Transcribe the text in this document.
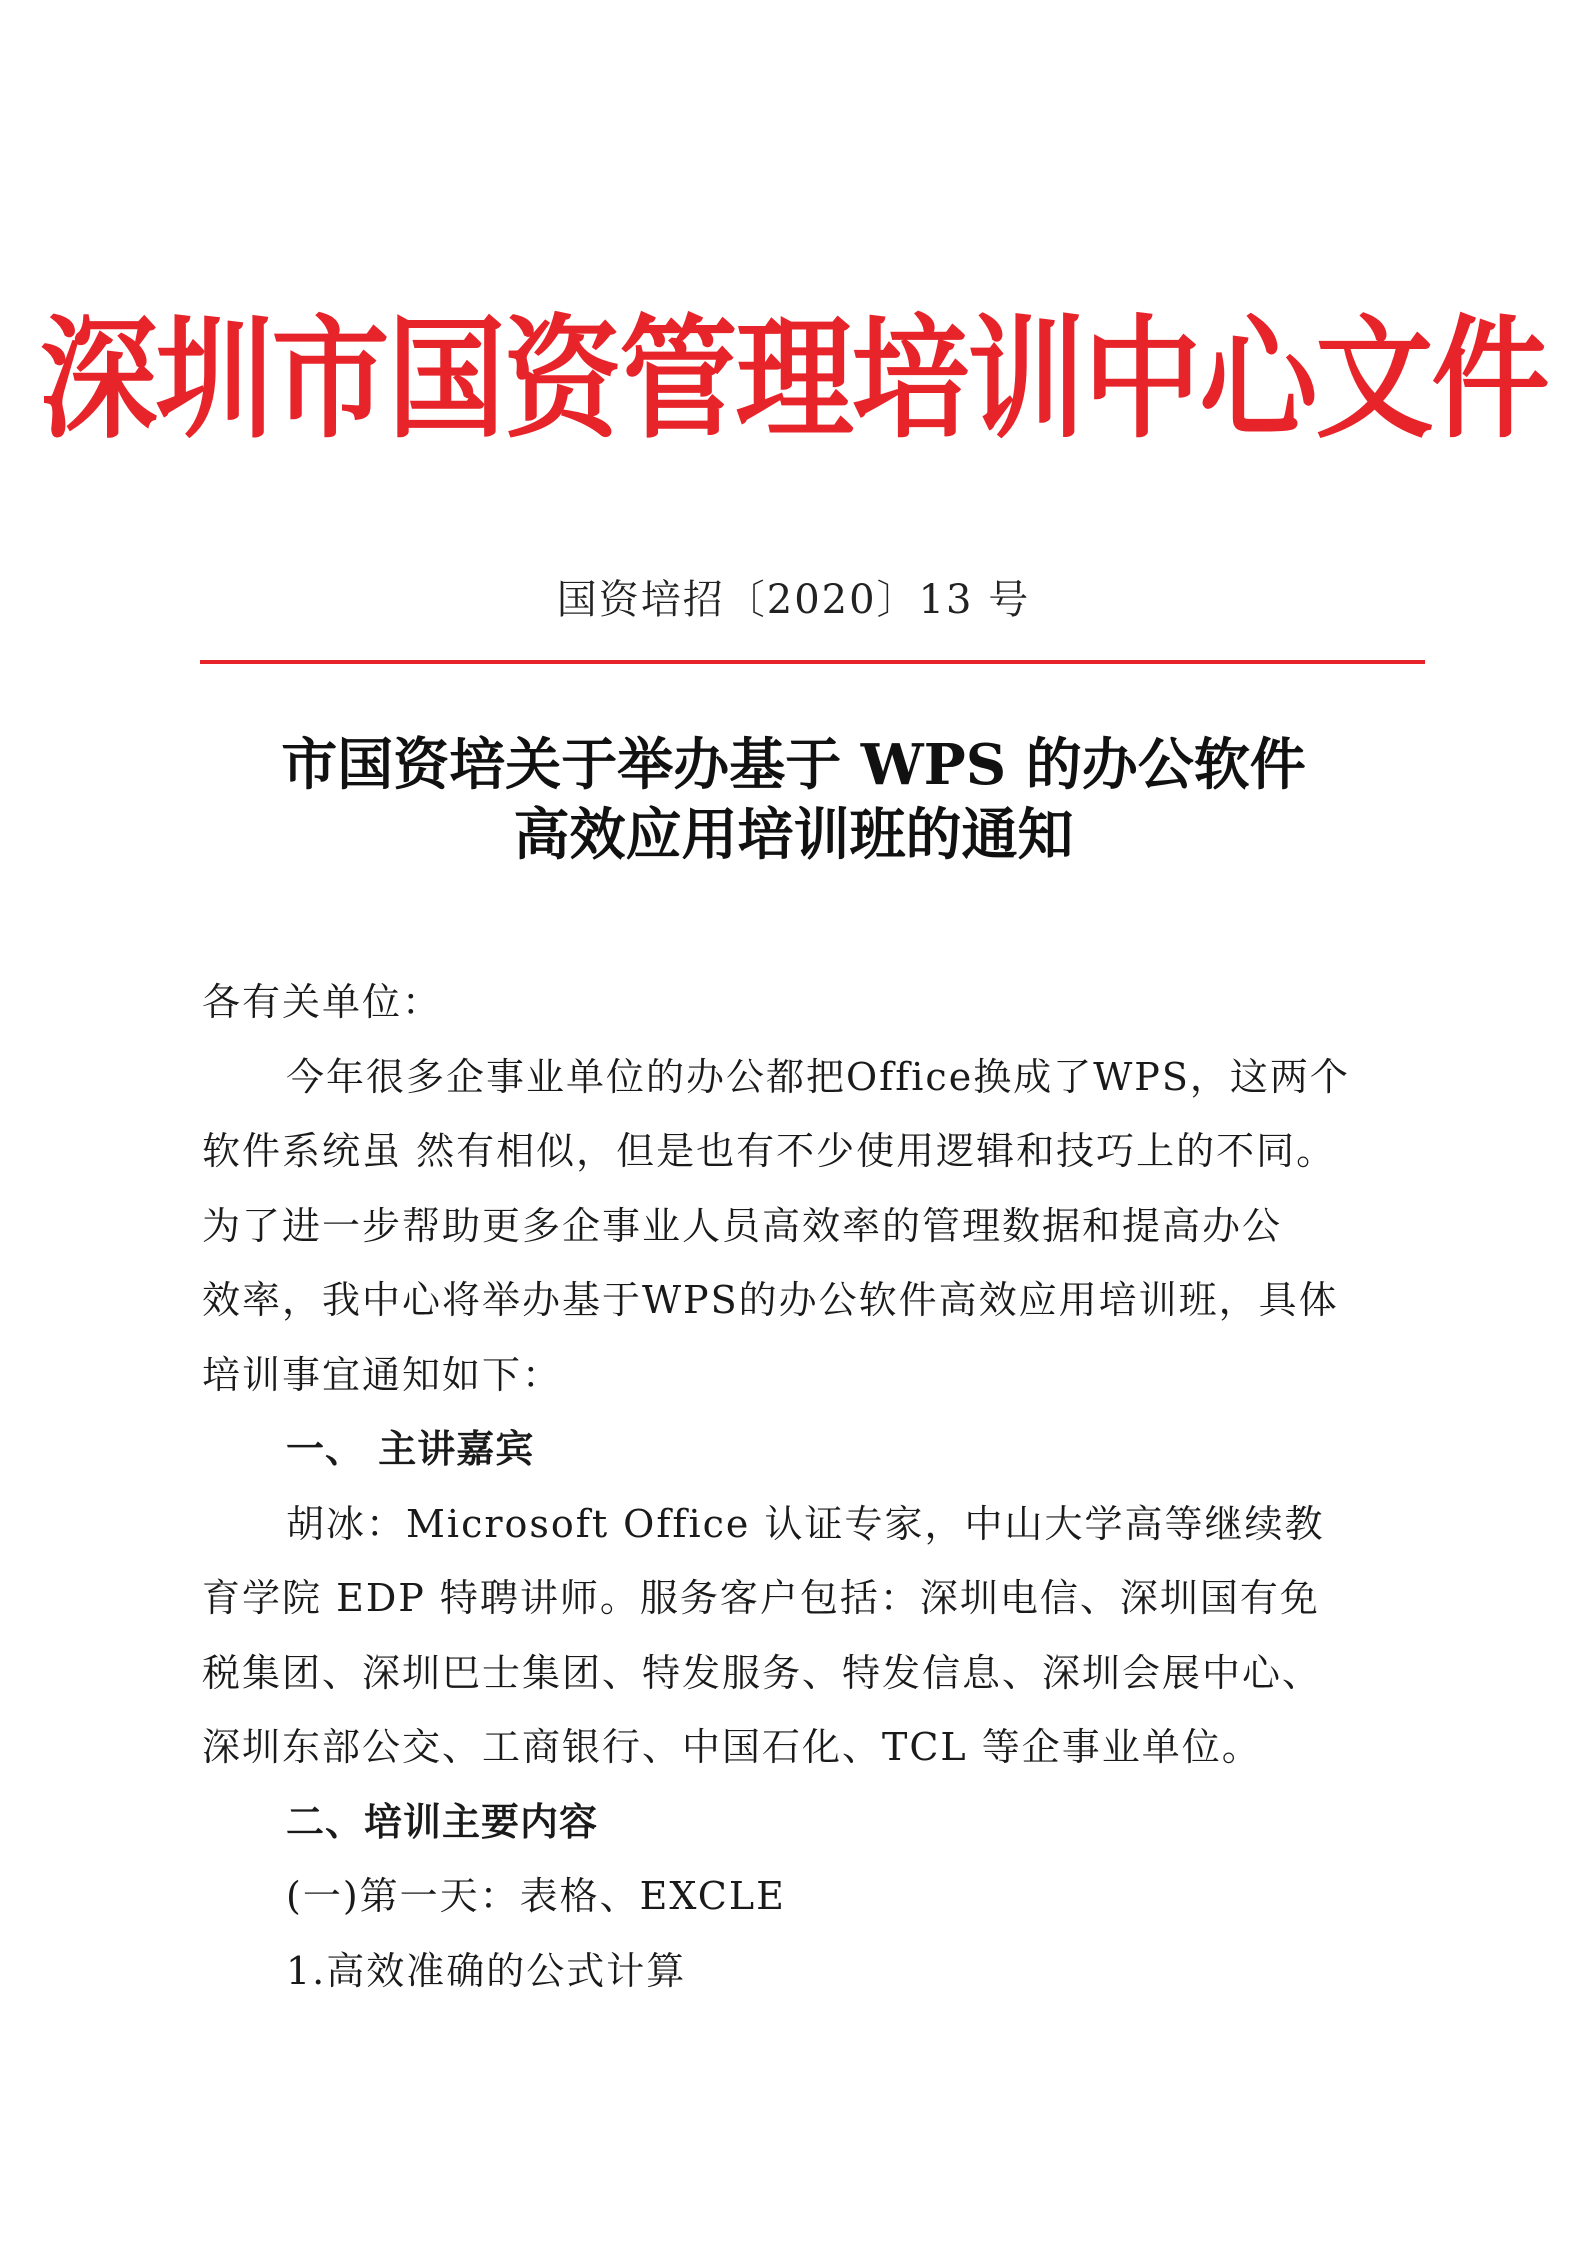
深圳市国资管理培训中心文件
国资培招〔2020〕13 号
市国资培关于举办基于 WPS 的办公软件
高效应用培训班的通知

各有关单位：

今年很多企事业单位的办公都把Office换成了WPS，这两个

软件系统虽 然有相似，但是也有不少使用逻辑和技巧上的不同。

为了进一步帮助更多企事业人员高效率的管理数据和提高办公

效率，我中心将举办基于WPS的办公软件高效应用培训班，具体

培训事宜通知如下：

一、 主讲嘉宾

胡冰：Microsoft Office 认证专家，中山大学高等继续教

育学院 EDP 特聘讲师。服务客户包括：深圳电信、深圳国有免

税集团、深圳巴士集团、特发服务、特发信息、深圳会展中心、

深圳东部公交、工商银行、中国石化、TCL 等企事业单位。

二、培训主要内容

(一)第一天：表格、EXCLE

1.高效准确的公式计算
